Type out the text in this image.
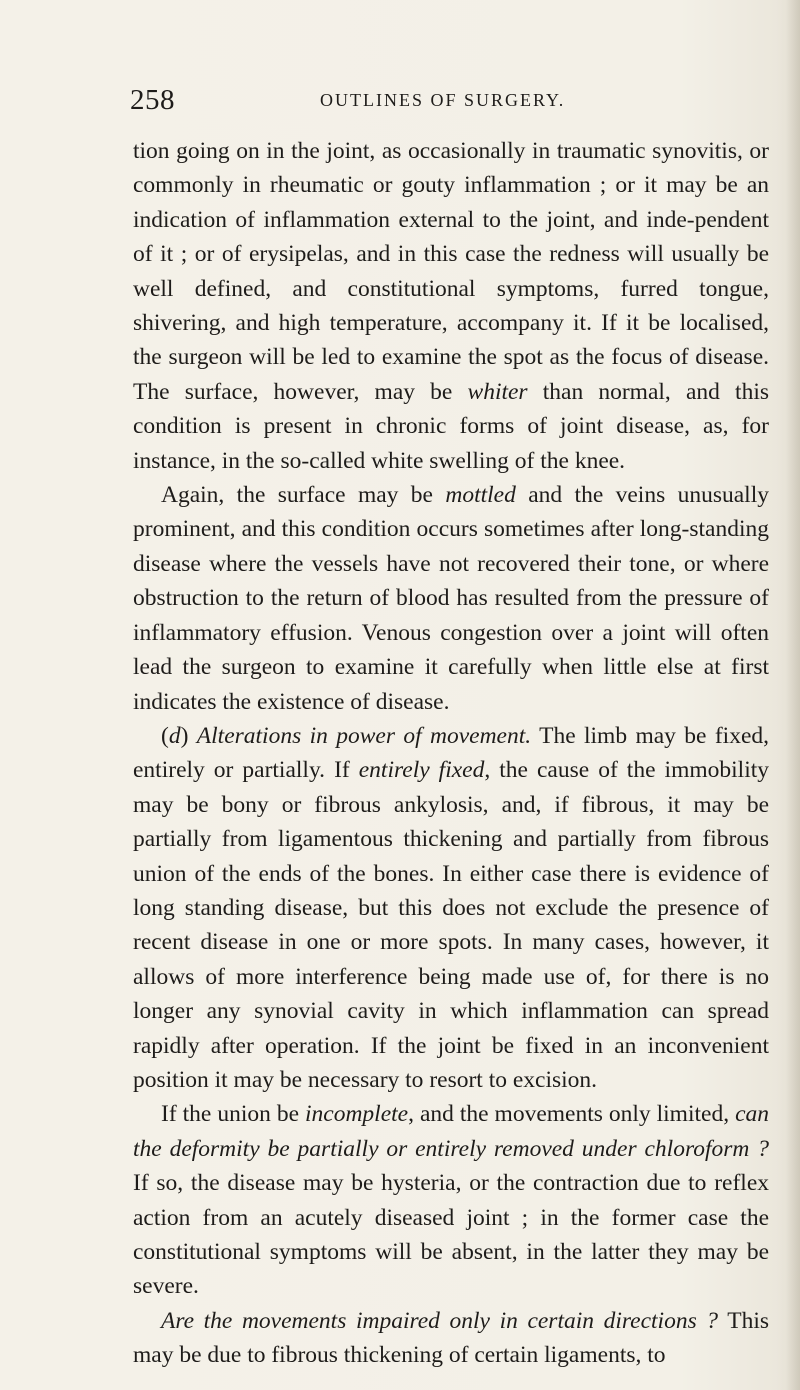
258	OUTLINES OF SURGERY.

tion going on in the joint, as occasionally in traumatic synovitis, or commonly in rheumatic or gouty inflammation ; or it may be an indication of inflammation external to the joint, and inde-pendent of it ; or of erysipelas, and in this case the redness will usually be well defined, and constitutional symptoms, furred tongue, shivering, and high temperature, accompany it. If it be localised, the surgeon will be led to examine the spot as the focus of disease. The surface, however, may be whiter than normal, and this condition is present in chronic forms of joint disease, as, for instance, in the so-called white swelling of the knee.

Again, the surface may be mottled and the veins unusually prominent, and this condition occurs sometimes after long-standing disease where the vessels have not recovered their tone, or where obstruction to the return of blood has resulted from the pressure of inflammatory effusion. Venous congestion over a joint will often lead the surgeon to examine it carefully when little else at first indicates the existence of disease.

(d) Alterations in power of movement. The limb may be fixed, entirely or partially. If entirely fixed, the cause of the immobility may be bony or fibrous ankylosis, and, if fibrous, it may be partially from ligamentous thickening and partially from fibrous union of the ends of the bones. In either case there is evidence of long standing disease, but this does not exclude the presence of recent disease in one or more spots. In many cases, however, it allows of more interference being made use of, for there is no longer any synovial cavity in which inflammation can spread rapidly after operation. If the joint be fixed in an inconvenient position it may be necessary to resort to excision.

If the union be incomplete, and the movements only limited, can the deformity be partially or entirely removed under chloroform ? If so, the disease may be hysteria, or the contraction due to reflex action from an acutely diseased joint ; in the former case the constitutional symptoms will be absent, in the latter they may be severe.

Are the movements impaired only in certain directions ? This may be due to fibrous thickening of certain ligaments, to
